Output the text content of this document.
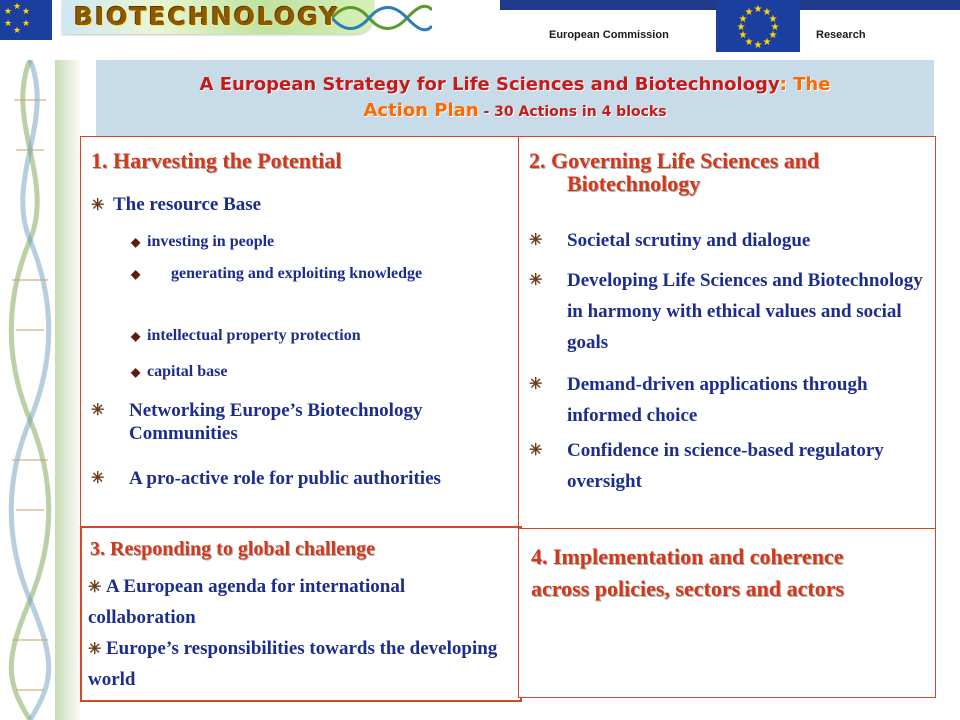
★ ★ ★
★ ★
★ BIOTECHNOLOGY
European Commission
★ ★
★
★
★
★
★
★
★
★
★
★
Research
A European Strategy for Life Sciences and Biotechnology: The
Action Plan - 30 Actions in 4 blocks
1. Harvesting the Potential
✳ The resource Base
◆ investing in people
◆	generating and exploiting knowledge
◆ intellectual property protection
◆ capital base
✳	Networking Europe’s Biotechnology Communities
✳	A pro-active role for public authorities
2. Governing Life Sciences and
Biotechnology
✳	Societal scrutiny and dialogue
✳	Developing Life Sciences and Biotechnology in harmony with ethical values and social goals
✳	Demand-driven applications through informed choice
✳	Confidence in science-based regulatory oversight
3. Responding to global challenge
✳ A European agenda for international collaboration
✳ Europe’s responsibilities towards the developing world
4. Implementation and coherence across policies, sectors and actors
